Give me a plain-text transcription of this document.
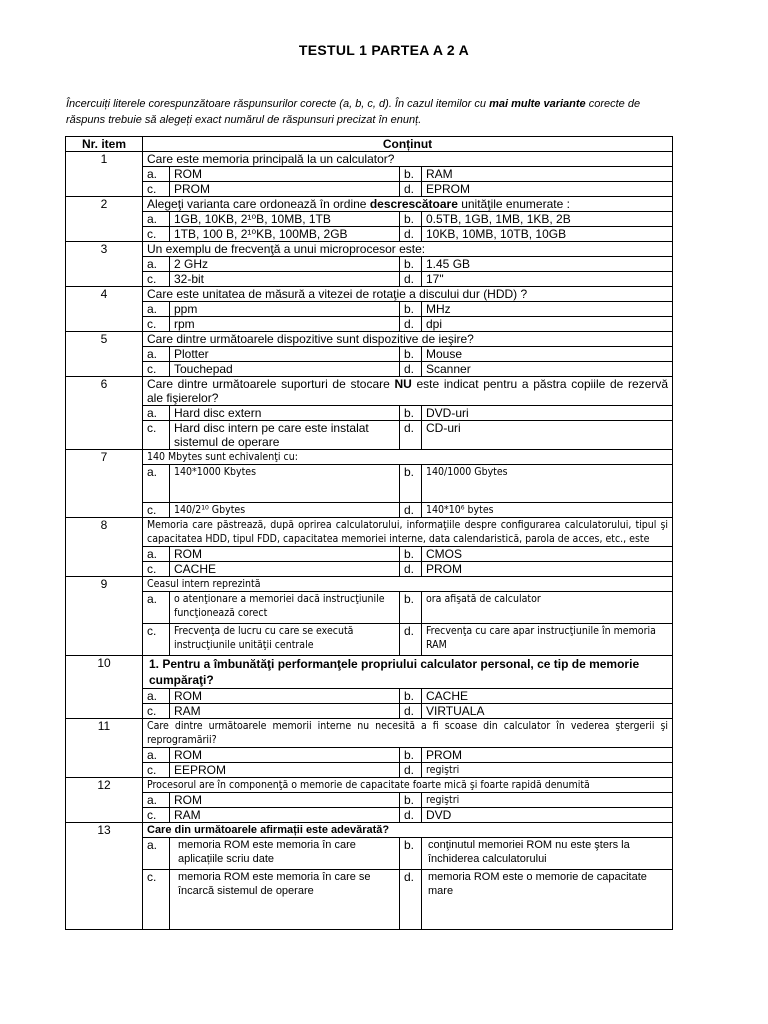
TESTUL 1 PARTEA A 2 A
Încercuiți literele corespunzătoare răspunsurilor corecte (a, b, c, d). În cazul itemilor cu mai multe variante corecte de răspuns trebuie să alegeți exact numărul de răspunsuri precizat în enunț.
Nr. item	Conținut			
1	Care este memoria principală la un calculator?			
	a.	ROM	b.	RAM
	c.	PROM	d.	EPROM
2	Alegeţi varianta care ordonează în ordine descrescătoare unităţile enumerate :			
	a.	1GB, 10KB, 2¹⁰B, 10MB, 1TB	b.	0.5TB, 1GB, 1MB, 1KB, 2B
	c.	1TB, 100 B, 2¹⁰KB, 100MB, 2GB	d.	10KB, 10MB, 10TB, 10GB
3	Un exemplu de frecvenţă a unui microprocesor este:			
	a.	2 GHz	b.	1.45 GB
	c.	32-bit	d.	17"
4	Care este unitatea de măsură a vitezei de rotaţie a discului dur (HDD) ?			
	a.	ppm	b.	MHz
	c.	rpm	d.	dpi
5	Care dintre următoarele dispozitive sunt dispozitive de ieşire?			
	a.	Plotter	b.	Mouse
	c.	Touchepad	d.	Scanner
6	Care dintre următoarele suporturi de stocare NU este indicat pentru a păstra copiile de rezervă ale fişierelor?			
	a.	Hard disc extern	b.	DVD-uri
	c.	Hard disc intern pe care este instalat sistemul de operare	d.	CD-uri
7	140 Mbytes sunt echivalenţi cu:			
	a.	140*1000 Kbytes	b.	140/1000 Gbytes
	c.	140/2¹⁰ Gbytes	d.	140*10⁶ bytes
8	Memoria care păstrează, după oprirea calculatorului, informaţiile despre configurarea calculatorului, tipul şi capacitatea HDD, tipul FDD, capacitatea memoriei interne, data calendaristică, parola de acces, etc., este			
	a.	ROM	b.	CMOS
	c.	CACHE	d.	PROM
9	Ceasul intern reprezintă			
	a.	o atenţionare a memoriei dacă instrucţiunile funcţionează corect	b.	ora afişată de calculator
	c.	Frecvenţa de lucru cu care se execută instrucţiunile unităţii centrale	d.	Frecvenţa cu care apar instrucţiunile în memoria RAM
10	1. Pentru a îmbunătăţi performanţele propriului calculator personal, ce tip de memorie cumpăraţi?			
	a.	ROM	b.	CACHE
	c.	RAM	d.	VIRTUALA
11	Care dintre următoarele memorii interne nu necesită a fi scoase din calculator în vederea ştergerii şi reprogramării?			
	a.	ROM	b.	PROM
	c.	EEPROM	d.	regiştri
12	Procesorul are în componenţă o memorie de capacitate foarte mică şi foarte rapidă denumită			
	a.	ROM	b.	regiştri
	c.	RAM	d.	DVD
13	Care din următoarele afirmații este adevărată?			
	a.	memoria ROM este memoria în care aplicațiile scriu date	b.	conţinutul memoriei ROM nu este şters la închiderea calculatorului
	c.	memoria ROM este memoria în care se încarcă sistemul de operare	d.	memoria ROM este o memorie de capacitate mare
